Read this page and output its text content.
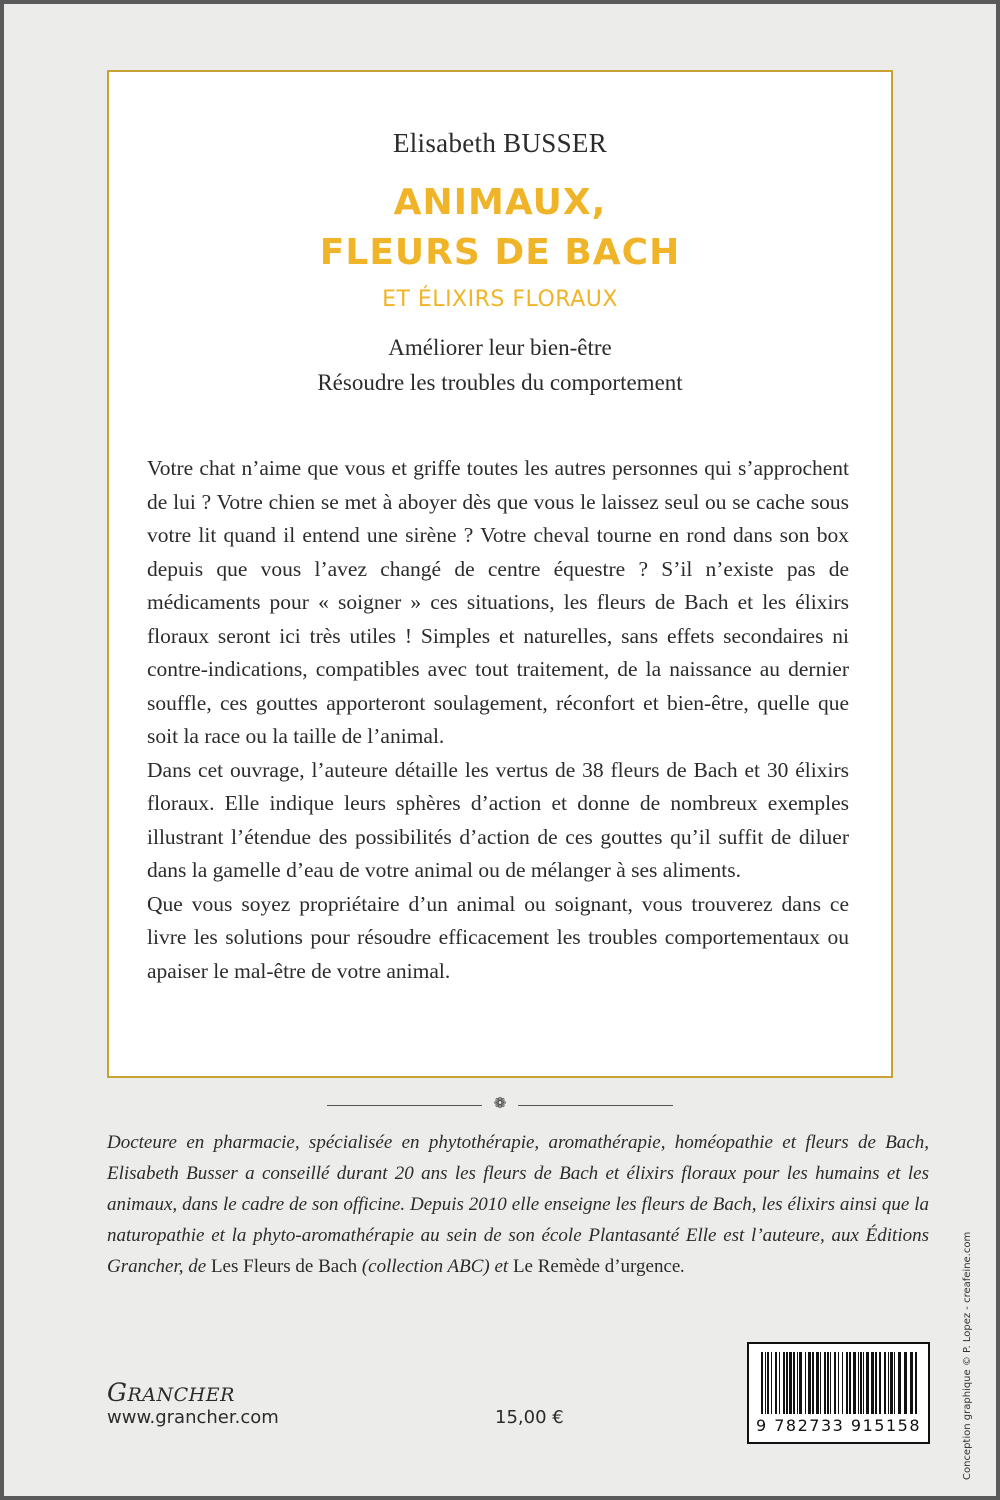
Elisabeth BUSSER
ANIMAUX,
FLEURS DE BACH
ET ÉLIXIRS FLORAUX
Améliorer leur bien-être
Résoudre les troubles du comportement

Votre chat n’aime que vous et griffe toutes les autres personnes qui s’approchent de lui ? Votre chien se met à aboyer dès que vous le laissez seul ou se cache sous votre lit quand il entend une sirène ? Votre cheval tourne en rond dans son box depuis que vous l’avez changé de centre équestre ? S’il n’existe pas de médicaments pour « soigner » ces situations, les fleurs de Bach et les élixirs floraux seront ici très utiles ! Simples et naturelles, sans effets secondaires ni contre-indications, compatibles avec tout traitement, de la naissance au dernier souffle, ces gouttes apporteront soulagement, réconfort et bien-être, quelle que soit la race ou la taille de l’animal.

Dans cet ouvrage, l’auteure détaille les vertus de 38 fleurs de Bach et 30 élixirs floraux. Elle indique leurs sphères d’action et donne de nombreux exemples illustrant l’étendue des possibilités d’action de ces gouttes qu’il suffit de diluer dans la gamelle d’eau de votre animal ou de mélanger à ses aliments.

Que vous soyez propriétaire d’un animal ou soignant, vous trouverez dans ce livre les solutions pour résoudre efficacement les troubles comportementaux ou apaiser le mal-être de votre animal.

❁
Docteure en pharmacie, spécialisée en phytothérapie, aromathérapie, homéopathie et fleurs de Bach, Elisabeth Busser a conseillé durant 20 ans les fleurs de Bach et élixirs floraux pour les humains et les animaux, dans le cadre de son officine. Depuis 2010 elle enseigne les fleurs de Bach, les élixirs ainsi que la naturopathie et la phyto-aromathérapie au sein de son école Plantasanté Elle est l’auteure, aux Éditions Grancher, de Les Fleurs de Bach (collection ABC) et Le Remède d’urgence.
GRANCHER
www.grancher.com	15,00 €	9 782733 915158	Conception graphique © P. Lopez - creafeine.com
